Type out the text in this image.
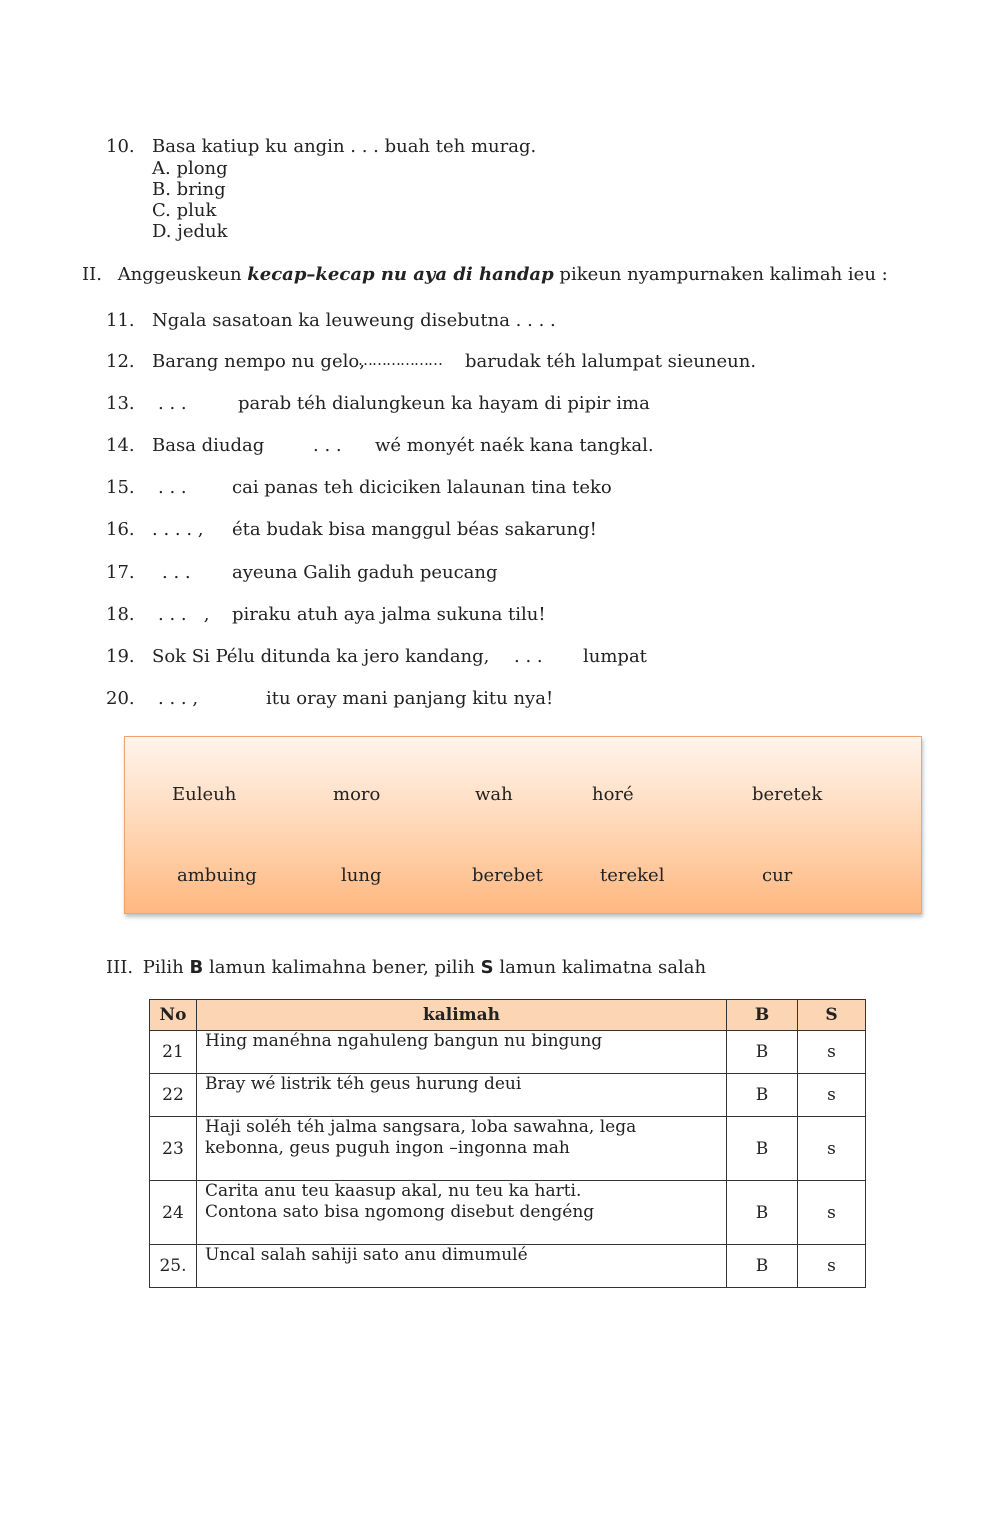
10. Basa katiup ku angin . . . buah teh murag.
A. plong
B. bring
C. pluk
D. jeduk
II. Anggeuskeun kecap–kecap nu aya di handap pikeun nyampurnaken kalimah ieu :
11. Ngala sasatoan ka leuweung disebutna . . . .
12. Barang nempo nu gelo,
……………… barudak téh lalumpat sieuneun.
13. . . .	parab téh dialungkeun ka hayam di pipir ima
14. Basa diudag	. . . wé monyét naék kana tangkal.
15. . . .	cai panas teh diciciken lalaunan tina teko
16. . . . . , éta budak bisa manggul béas sakarung!
17. . . . ayeuna Galih gaduh peucang
18. . . .   , piraku atuh aya jalma sukuna tilu!
19. Sok Si Pélu ditunda ka jero kandang, . . . lumpat
20. . . . ,	itu oray mani panjang kitu nya!
Euleuh	moro	wah	horé	beretek
ambuing	lung	berebet	terekel	cur
III. Pilih B lamun kalimahna bener, pilih S lamun kalimatna salah
No	kalimah	B	S
21	Hing manéhna ngahuleng bangun nu bingung	B	s
22	Bray wé listrik téh geus hurung deui	B	s
23	Haji soléh téh jalma sangsara, loba sawahna, lega
kebonna, geus puguh ingon –ingonna mah	B	s
24	Carita anu teu kaasup akal, nu teu ka harti.
Contona sato bisa ngomong disebut dengéng	B	s
25.	Uncal salah sahiji sato anu dimumulé	B	s
